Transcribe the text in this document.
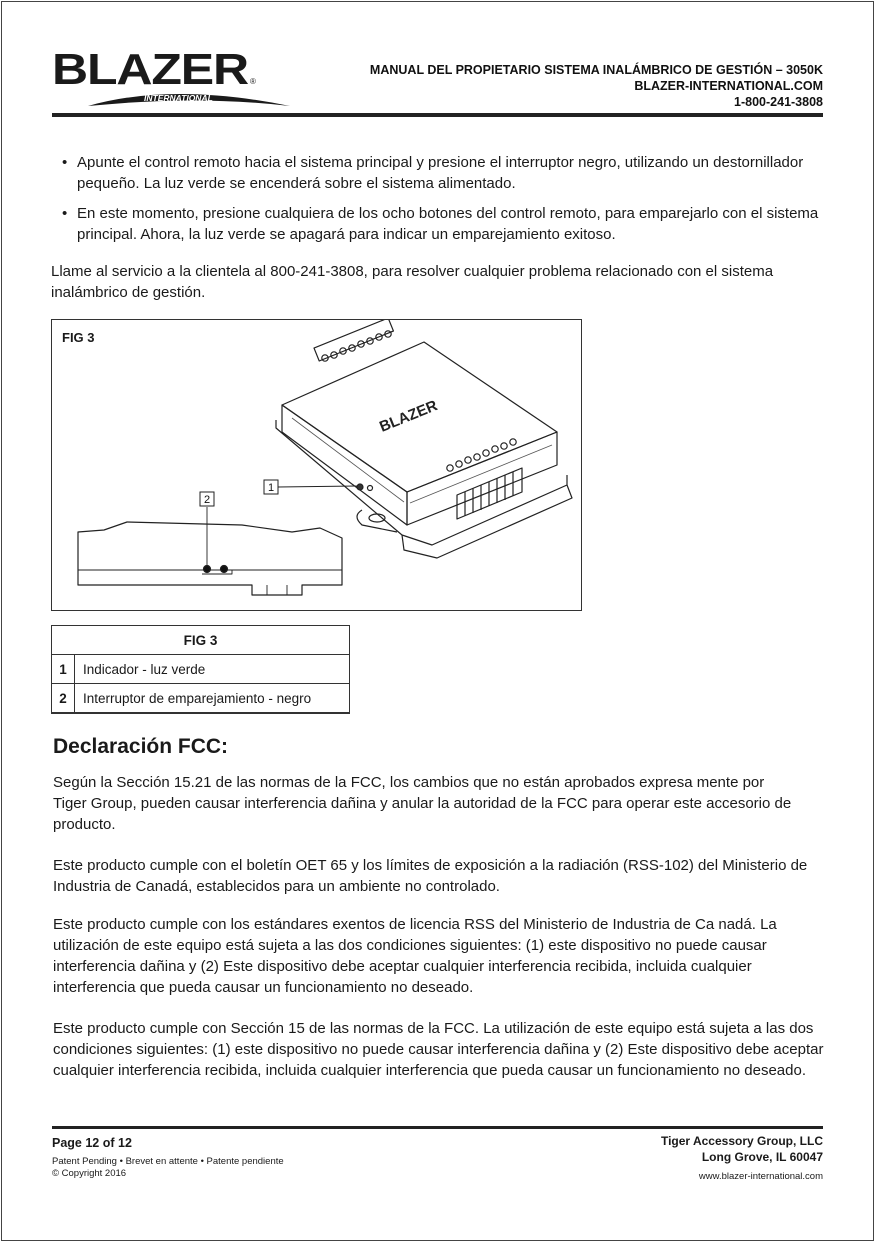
BLAZER ®
INTERNATIONAL
MANUAL DEL PROPIETARIO SISTEMA INALÁMBRICO DE GESTIÓN – 3050K
BLAZER-INTERNATIONAL.COM
1-800-241-3808
• Apunte el control remoto hacia el sistema principal y presione el interruptor negro, utilizando un destornillador pequeño. La luz verde se encenderá sobre el sistema alimentado.
• En este momento, presione cualquiera de los ocho botones del control remoto, para emparejarlo con el sistema principal. Ahora, la luz verde se apagará para indicar un emparejamiento exitoso.
Llame al servicio a la clientela al 800-241-3808, para resolver cualquier problema relacionado con el sistema inalámbrico de gestión.
FIG 3
BLAZER
1
2
FIG 3	
1	Indicador - luz verde
2	Interruptor de emparejamiento - negro
Declaración FCC:
Según la Sección 15.21 de las normas de la FCC, los cambios que no están aprobados expresa mente por Tiger Group, pueden causar interferencia dañina y anular la autoridad de la FCC para operar este accesorio de producto.
Este producto cumple con el boletín OET 65 y los límites de exposición a la radiación (RSS-102) del Ministerio de Industria de Canadá, establecidos para un ambiente no controlado.
Este producto cumple con los estándares exentos de licencia RSS del Ministerio de Industria de Ca nadá. La utilización de este equipo está sujeta a las dos condiciones siguientes: (1) este dispositivo no puede causar interferencia dañina y (2) Este dispositivo debe aceptar cualquier interferencia recibida, incluida cualquier interferencia que pueda causar un funcionamiento no deseado.
Este producto cumple con Sección 15 de las normas de la FCC. La utilización de este equipo está sujeta a las dos condiciones siguientes: (1) este dispositivo no puede causar interferencia dañina y (2) Este dispositivo debe aceptar cualquier interferencia recibida, incluida cualquier interferencia que pueda causar un funcionamiento no deseado.
Page 12 of 12
Patent Pending • Brevet en attente • Patente pendiente
© Copyright 2016
Tiger Accessory Group, LLC
Long Grove, IL 60047
www.blazer-international.com
